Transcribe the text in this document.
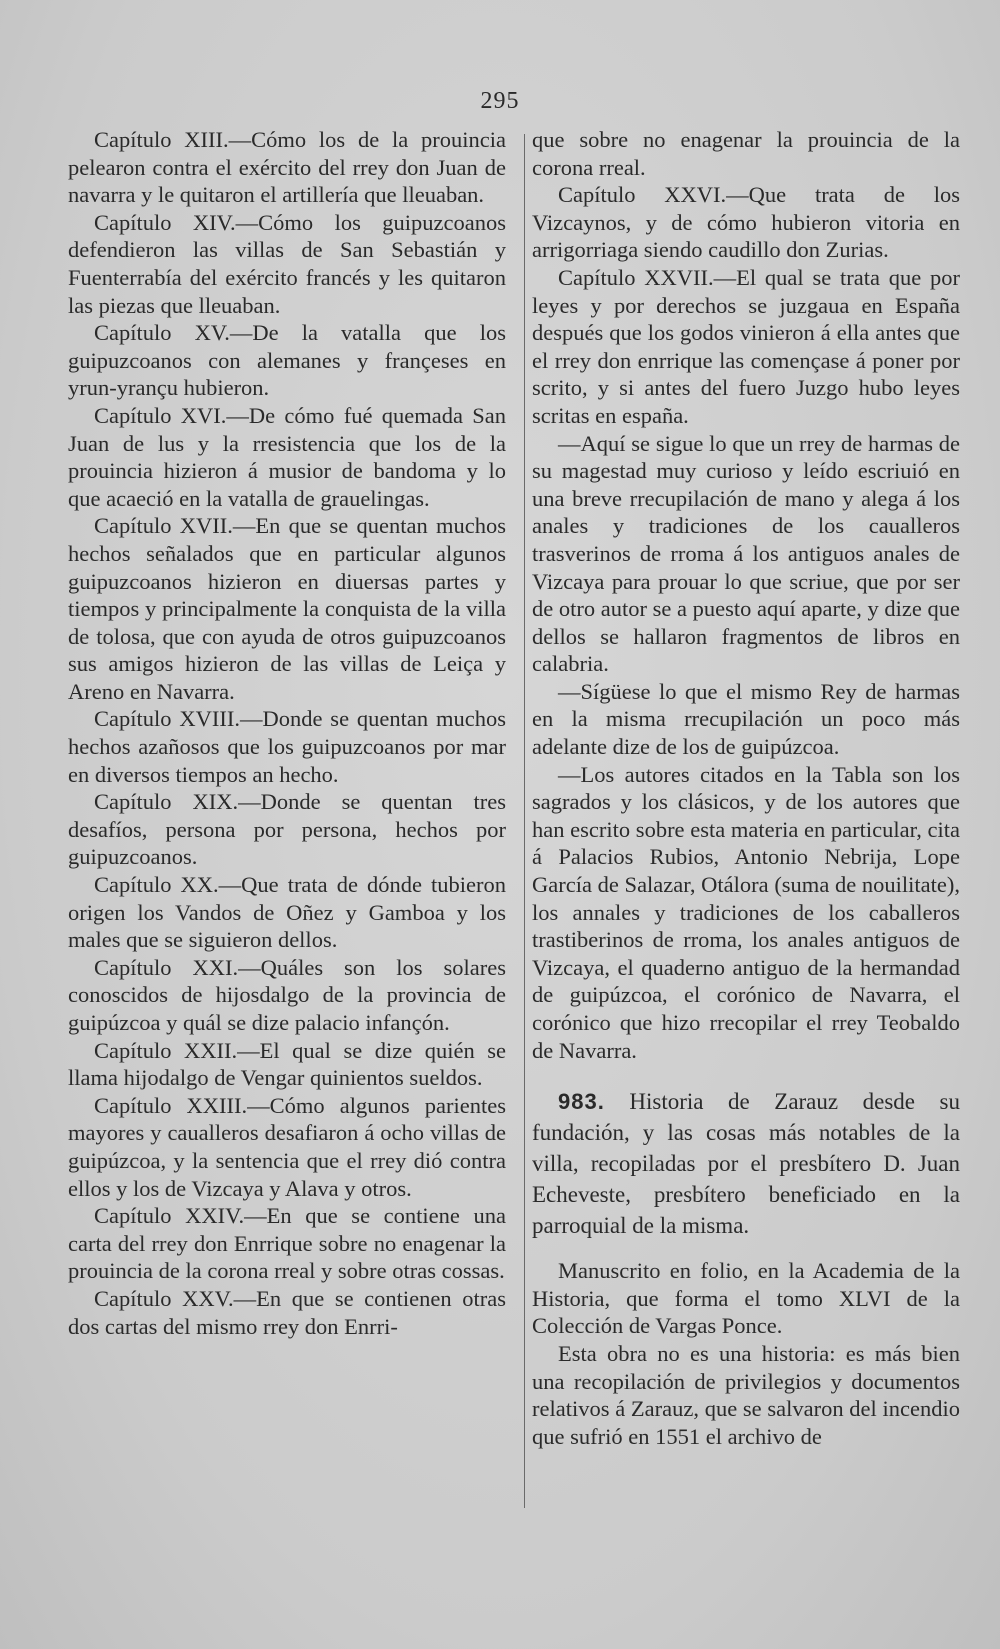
295

Capítulo XIII.—Cómo los de la prouincia pelearon contra el exército del rrey don Juan de navarra y le quitaron el artillería que lleuaban.

Capítulo XIV.—Cómo los guipuzcoanos defendieron las villas de San Sebastián y Fuenterrabía del exército francés y les quitaron las piezas que lleuaban.

Capítulo XV.—De la vatalla que los guipuzcoanos con alemanes y françeses en yrun-yrançu hubieron.

Capítulo XVI.—De cómo fué quemada San Juan de lus y la rresistencia que los de la prouincia hizieron á musior de bandoma y lo que acaeció en la vatalla de grauelingas.

Capítulo XVII.—En que se quentan muchos hechos señalados que en particular algunos guipuzcoanos hizieron en diuersas partes y tiempos y principalmente la conquista de la villa de tolosa, que con ayuda de otros guipuzcoanos sus amigos hizieron de las villas de Leiça y Areno en Navarra.

Capítulo XVIII.—Donde se quentan muchos hechos azañosos que los guipuzcoanos por mar en diversos tiempos an hecho.

Capítulo XIX.—Donde se quentan tres desafíos, persona por persona, hechos por guipuzcoanos.

Capítulo XX.—Que trata de dónde tubieron origen los Vandos de Oñez y Gamboa y los males que se siguieron dellos.

Capítulo XXI.—Quáles son los solares conoscidos de hijosdalgo de la provincia de guipúzcoa y quál se dize palacio infançón.

Capítulo XXII.—El qual se dize quién se llama hijodalgo de Vengar quinientos sueldos.

Capítulo XXIII.—Cómo algunos parientes mayores y caualleros desafiaron á ocho villas de guipúzcoa, y la sentencia que el rrey dió contra ellos y los de Vizcaya y Alava y otros.

Capítulo XXIV.—En que se contiene una carta del rrey don Enrrique sobre no enagenar la prouincia de la corona rreal y sobre otras cossas.

Capítulo XXV.—En que se contienen otras dos cartas del mismo rrey don Enrri-

que sobre no enagenar la prouincia de la corona rreal.

Capítulo XXVI.—Que trata de los Vizcaynos, y de cómo hubieron vitoria en arrigorriaga siendo caudillo don Zurias.

Capítulo XXVII.—El qual se trata que por leyes y por derechos se juzgaua en España después que los godos vinieron á ella antes que el rrey don enrrique las començase á poner por scrito, y si antes del fuero Juzgo hubo leyes scritas en españa.

—Aquí se sigue lo que un rrey de harmas de su magestad muy curioso y leído escriuió en una breve rrecupilación de mano y alega á los anales y tradiciones de los caualleros trasverinos de rroma á los antiguos anales de Vizcaya para prouar lo que scriue, que por ser de otro autor se a puesto aquí aparte, y dize que dellos se hallaron fragmentos de libros en calabria.

—Sígüese lo que el mismo Rey de harmas en la misma rrecupilación un poco más adelante dize de los de guipúzcoa.

—Los autores citados en la Tabla son los sagrados y los clásicos, y de los autores que han escrito sobre esta materia en particular, cita á Palacios Rubios, Antonio Nebrija, Lope García de Salazar, Otálora (suma de nouilitate), los annales y tradiciones de los caballeros trastiberinos de rroma, los anales antiguos de Vizcaya, el quaderno antiguo de la hermandad de guipúzcoa, el corónico de Navarra, el corónico que hizo rrecopilar el rrey Teobaldo de Navarra.

983. Historia de Zarauz desde su fundación, y las cosas más notables de la villa, recopiladas por el presbítero D. Juan Echeveste, presbítero beneficiado en la parroquial de la misma.

Manuscrito en folio, en la Academia de la Historia, que forma el tomo XLVI de la Colección de Vargas Ponce.

Esta obra no es una historia: es más bien una recopilación de privilegios y documentos relativos á Zarauz, que se salvaron del incendio que sufrió en 1551 el archivo de
